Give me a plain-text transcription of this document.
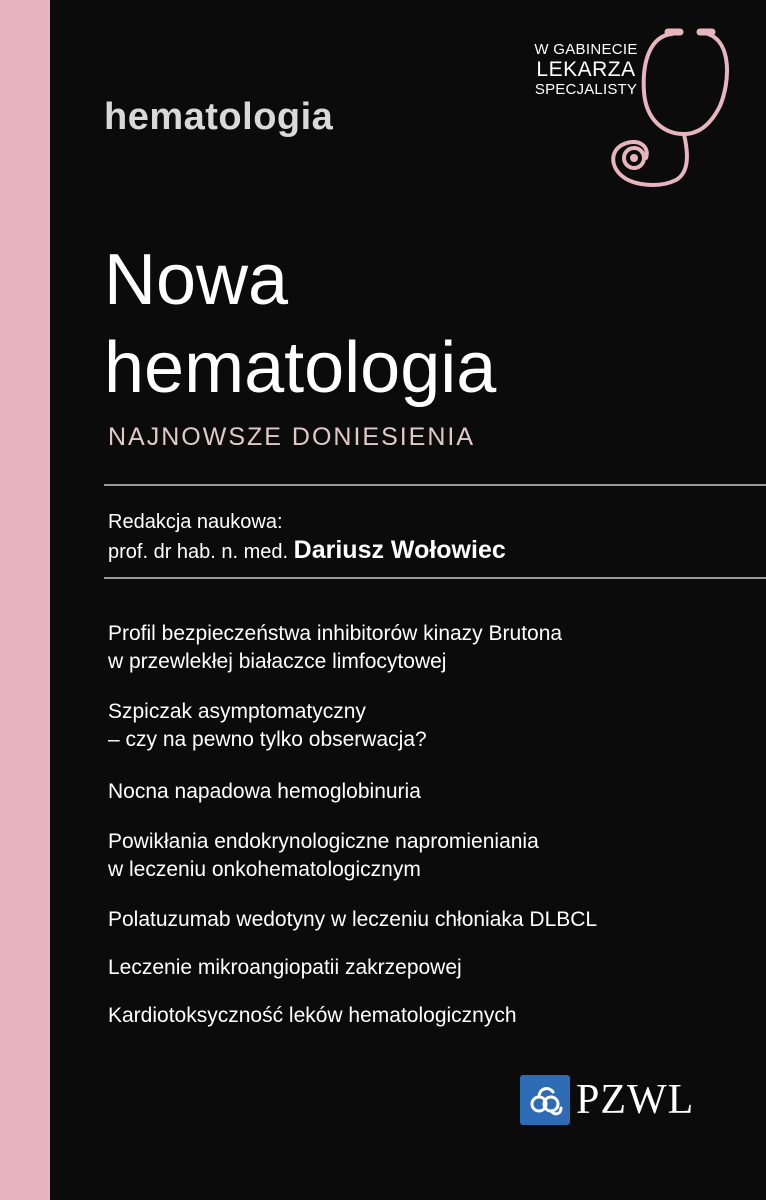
hematologia
W GABINECIE
LEKARZA
SPECJALISTY
Nowa
hematologia
NAJNOWSZE DONIESIENIA
Redakcja naukowa:
prof. dr hab. n. med. Dariusz Wołowiec
Profil bezpieczeństwa inhibitorów kinazy Brutona
w przewlekłej białaczce limfocytowej
Szpiczak asymptomatyczny
– czy na pewno tylko obserwacja?
Nocna napadowa hemoglobinuria
Powikłania endokrynologiczne napromieniania
w leczeniu onkohematologicznym
Polatuzumab wedotyny w leczeniu chłoniaka DLBCL
Leczenie mikroangiopatii zakrzepowej
Kardiotoksyczność leków hematologicznych
PZWL
